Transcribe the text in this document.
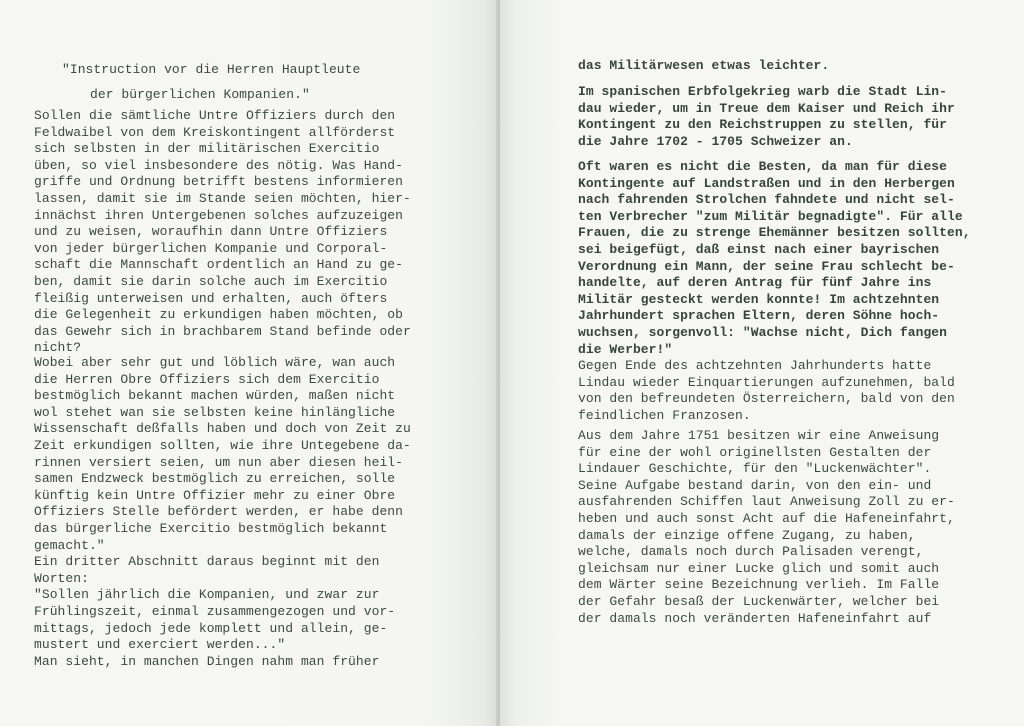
"Instruction vor die Herren Hauptleute
der bürgerlichen Kompanien."
Sollen die sämtliche Untre Offiziers durch den
Feldwaibel von dem Kreiskontingent allförderst
sich selbsten in der militärischen Exercitio
üben, so viel insbesondere des nötig. Was Hand-
griffe und Ordnung betrifft bestens informieren
lassen, damit sie im Stande seien möchten, hier-
innächst ihren Untergebenen solches aufzuzeigen
und zu weisen, woraufhin dann Untre Offiziers
von jeder bürgerlichen Kompanie und Corporal-
schaft die Mannschaft ordentlich an Hand zu ge-
ben, damit sie darin solche auch im Exercitio
fleißig unterweisen und erhalten, auch öfters
die Gelegenheit zu erkundigen haben möchten, ob
das Gewehr sich in brachbarem Stand befinde oder
nicht?
Wobei aber sehr gut und löblich wäre, wan auch
die Herren Obre Offiziers sich dem Exercitio
bestmöglich bekannt machen würden, maßen nicht
wol stehet wan sie selbsten keine hinlängliche
Wissenschaft deßfalls haben und doch von Zeit zu
Zeit erkundigen sollten, wie ihre Untegebene da-
rinnen versiert seien, um nun aber diesen heil-
samen Endzweck bestmöglich zu erreichen, solle
künftig kein Untre Offizier mehr zu einer Obre
Offiziers Stelle befördert werden, er habe denn
das bürgerliche Exercitio bestmöglich bekannt
gemacht."
Ein dritter Abschnitt daraus beginnt mit den
Worten:
"Sollen jährlich die Kompanien, und zwar zur
Frühlingszeit, einmal zusammengezogen und vor-
mittags, jedoch jede komplett und allein, ge-
mustert und exerciert werden..."
Man sieht, in manchen Dingen nahm man früher
das Militärwesen etwas leichter.
Im spanischen Erbfolgekrieg warb die Stadt Lin-
dau wieder, um in Treue dem Kaiser und Reich ihr
Kontingent zu den Reichstruppen zu stellen, für
die Jahre 1702 - 1705 Schweizer an.
Oft waren es nicht die Besten, da man für diese
Kontingente auf Landstraßen und in den Herbergen
nach fahrenden Strolchen fahndete und nicht sel-
ten Verbrecher "zum Militär begnadigte". Für alle
Frauen, die zu strenge Ehemänner besitzen sollten,
sei beigefügt, daß einst nach einer bayrischen
Verordnung ein Mann, der seine Frau schlecht be-
handelte, auf deren Antrag für fünf Jahre ins
Militär gesteckt werden konnte! Im achtzehnten
Jahrhundert sprachen Eltern, deren Söhne hoch-
wuchsen, sorgenvoll: "Wachse nicht, Dich fangen
die Werber!"
Gegen Ende des achtzehnten Jahrhunderts hatte
Lindau wieder Einquartierungen aufzunehmen, bald
von den befreundeten Österreichern, bald von den
feindlichen Franzosen.
Aus dem Jahre 1751 besitzen wir eine Anweisung
für eine der wohl originellsten Gestalten der
Lindauer Geschichte, für den "Luckenwächter".
Seine Aufgabe bestand darin, von den ein- und
ausfahrenden Schiffen laut Anweisung Zoll zu er-
heben und auch sonst Acht auf die Hafeneinfahrt,
damals der einzige offene Zugang, zu haben,
welche, damals noch durch Palisaden verengt,
gleichsam nur einer Lucke glich und somit auch
dem Wärter seine Bezeichnung verlieh. Im Falle
der Gefahr besaß der Luckenwärter, welcher bei
der damals noch veränderten Hafeneinfahrt auf
